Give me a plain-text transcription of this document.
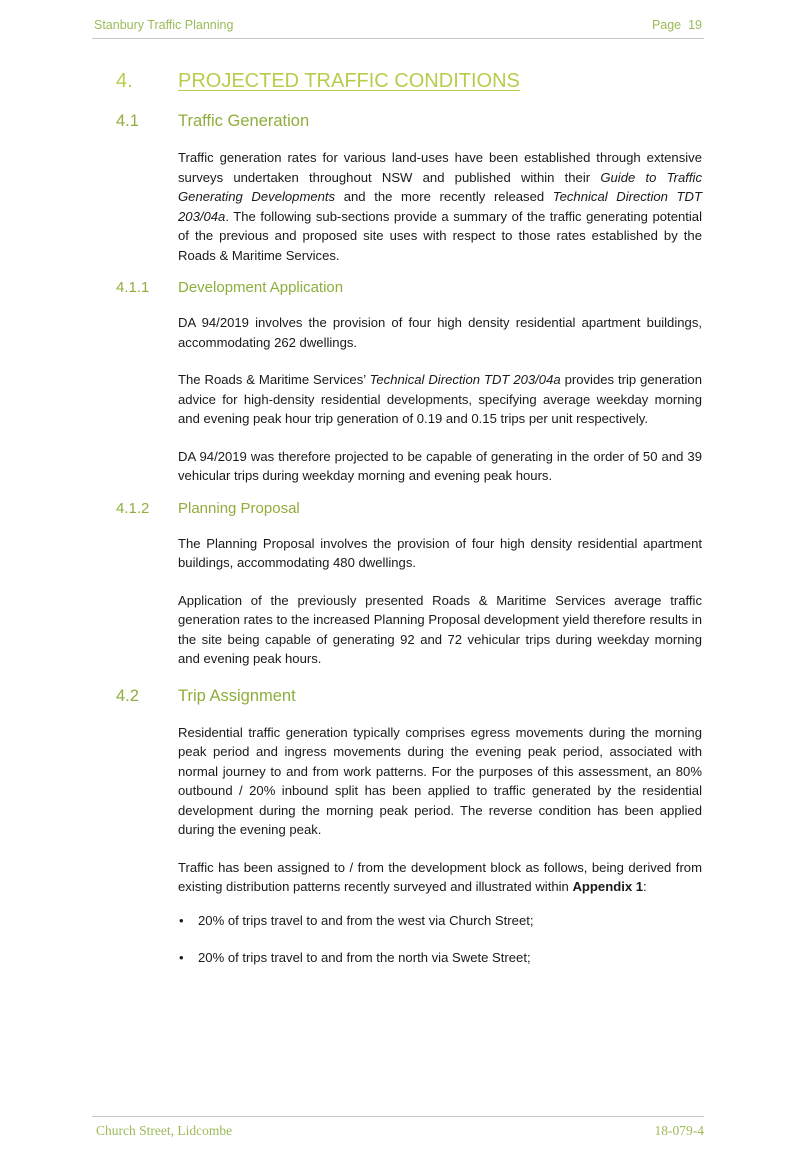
Stanbury Traffic Planning	Page 19
4.	PROJECTED TRAFFIC CONDITIONS
4.1	Traffic Generation

Traffic generation rates for various land-uses have been established through extensive surveys undertaken throughout NSW and published within their Guide to Traffic Generating Developments and the more recently released Technical Direction TDT 203/04a. The following sub-sections provide a summary of the traffic generating potential of the previous and proposed site uses with respect to those rates established by the Roads & Maritime Services.

4.1.1	Development Application

DA 94/2019 involves the provision of four high density residential apartment buildings, accommodating 262 dwellings.

The Roads & Maritime Services’ Technical Direction TDT 203/04a provides trip generation advice for high-density residential developments, specifying average weekday morning and evening peak hour trip generation of 0.19 and 0.15 trips per unit respectively.

DA 94/2019 was therefore projected to be capable of generating in the order of 50 and 39 vehicular trips during weekday morning and evening peak hours.

4.1.2	Planning Proposal

The Planning Proposal involves the provision of four high density residential apartment buildings, accommodating 480 dwellings.

Application of the previously presented Roads & Maritime Services average traffic generation rates to the increased Planning Proposal development yield therefore results in the site being capable of generating 92 and 72 vehicular trips during weekday morning and evening peak hours.

4.2	Trip Assignment

Residential traffic generation typically comprises egress movements during the morning peak period and ingress movements during the evening peak period, associated with normal journey to and from work patterns. For the purposes of this assessment, an 80% outbound / 20% inbound split has been applied to traffic generated by the residential development during the morning peak period. The reverse condition has been applied during the evening peak.

Traffic has been assigned to / from the development block as follows, being derived from existing distribution patterns recently surveyed and illustrated within Appendix 1:

• 20% of trips travel to and from the west via Church Street;
• 20% of trips travel to and from the north via Swete Street;
Church Street, Lidcombe	18-079-4
